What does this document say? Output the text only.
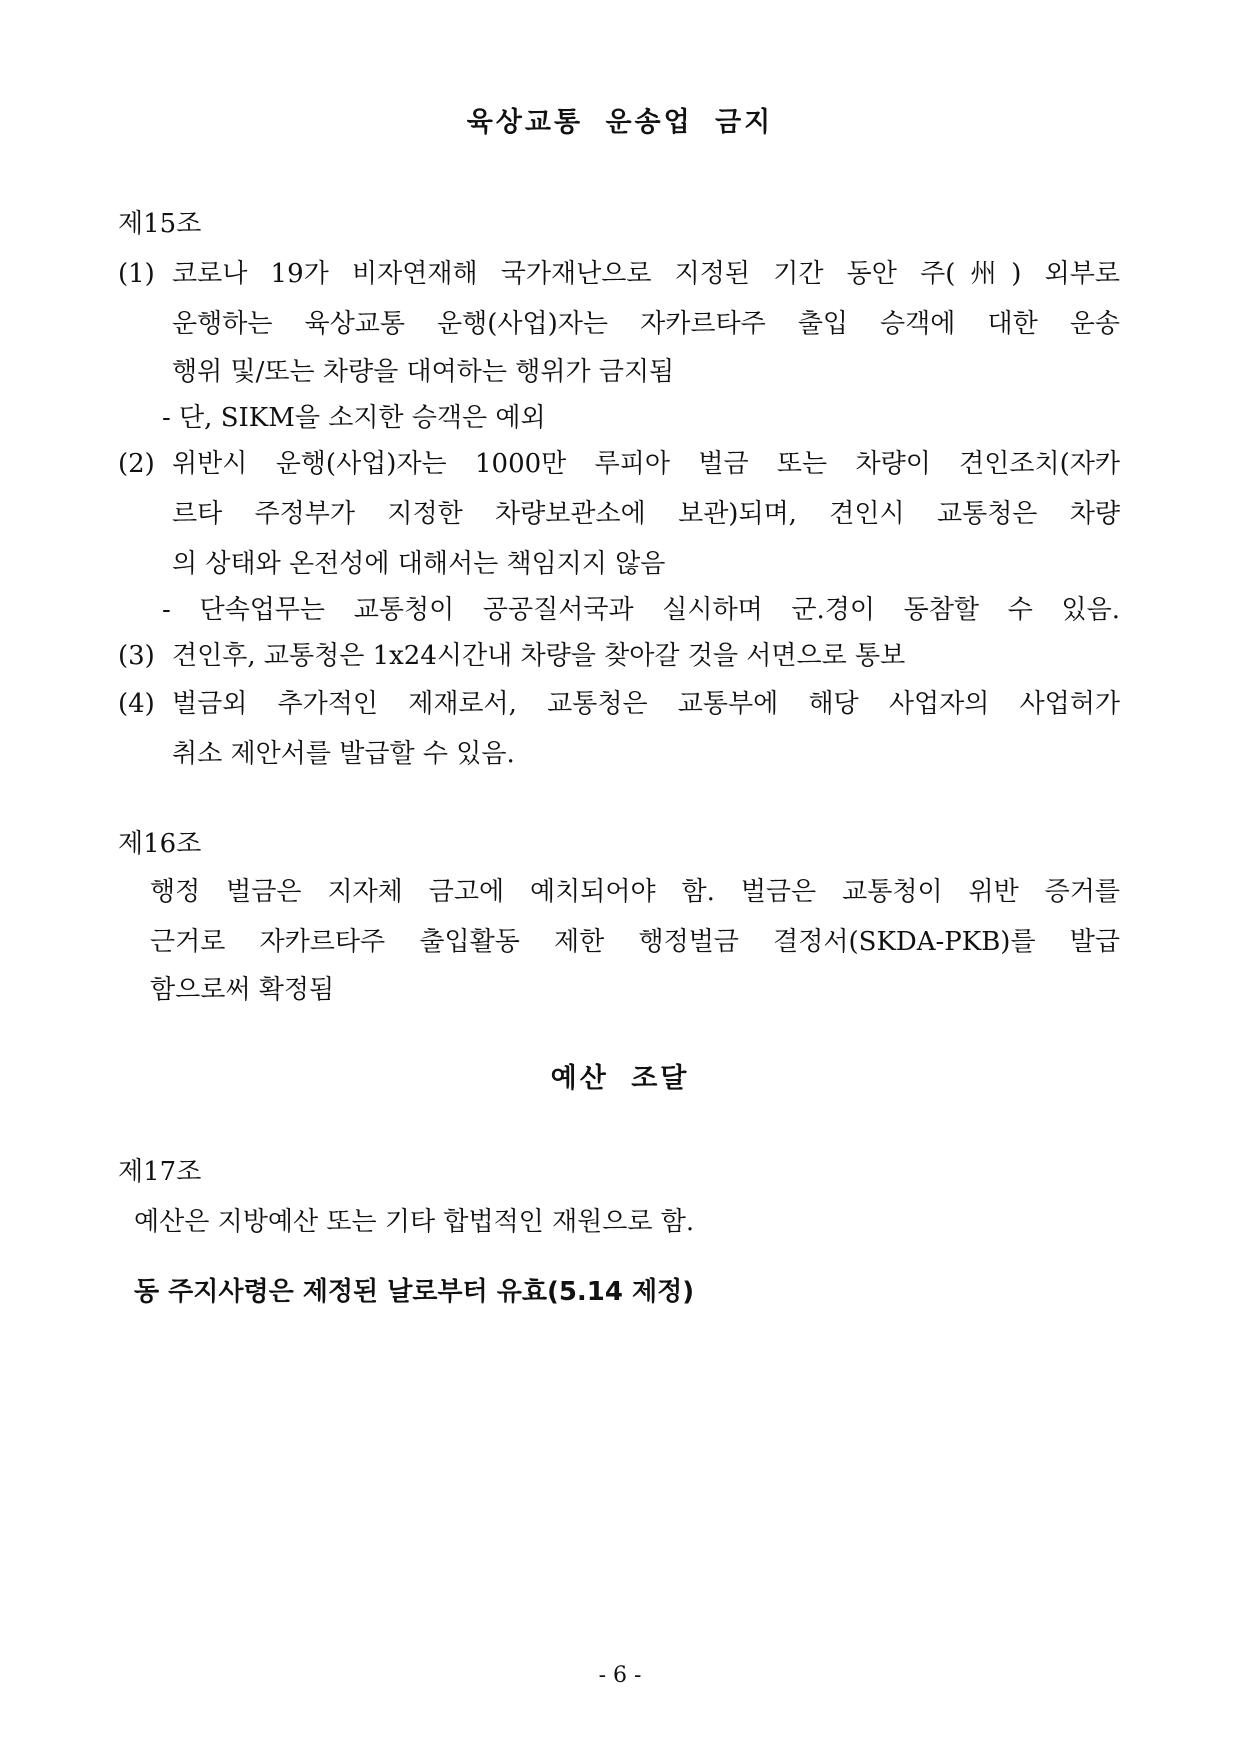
육상교통 운송업 금지
제15조
(1) 코로나 19가 비자연재해 국가재난으로 지정된 기간 동안 주(州) 외부로
운행하는 육상교통 운행(사업)자는 자카르타주 출입 승객에 대한 운송
행위 및/또는 차량을 대여하는 행위가 금지됨
- 단, SIKM을 소지한 승객은 예외
(2) 위반시 운행(사업)자는 1000만 루피아 벌금 또는 차량이 견인조치(자카
르타 주정부가 지정한 차량보관소에 보관)되며, 견인시 교통청은 차량
의 상태와 온전성에 대해서는 책임지지 않음
- 단속업무는 교통청이 공공질서국과 실시하며 군.경이 동참할 수 있음.
(3) 견인후, 교통청은 1x24시간내 차량을 찾아갈 것을 서면으로 통보
(4) 벌금외 추가적인 제재로서, 교통청은 교통부에 해당 사업자의 사업허가
취소 제안서를 발급할 수 있음.
제16조
행정 벌금은 지자체 금고에 예치되어야 함. 벌금은 교통청이 위반 증거를
근거로 자카르타주 출입활동 제한 행정벌금 결정서(SKDA-PKB)를 발급
함으로써 확정됨
예산 조달
제17조
예산은 지방예산 또는 기타 합법적인 재원으로 함.
동 주지사령은 제정된 날로부터 유효(5.14 제정)
- 6 -
